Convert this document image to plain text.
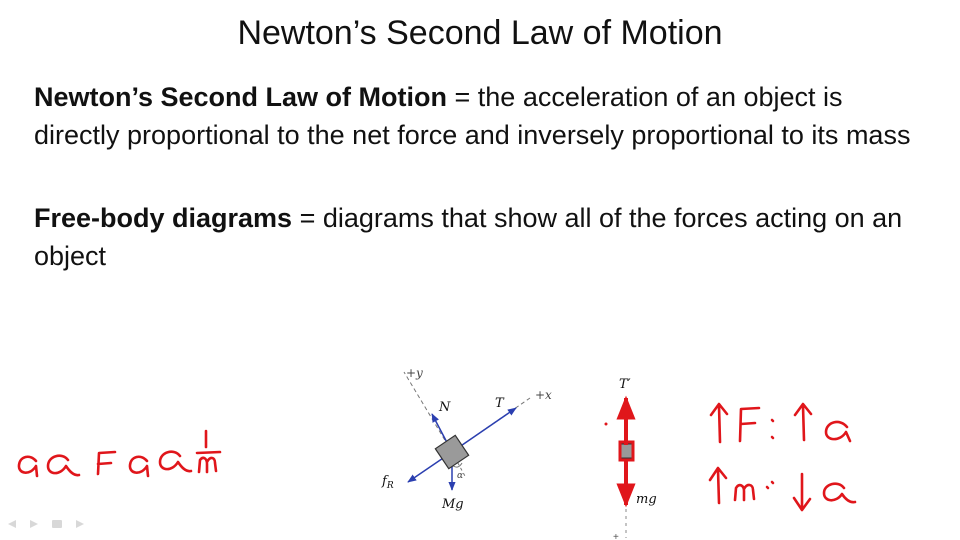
Newton’s Second Law of Motion
Newton’s Second Law of Motion = the acceleration of an object is directly proportional to the net force and inversely proportional to its mass
Free-body diagrams = diagrams that show all of the forces acting on an object
+y
+x
N	T
$f_R$
Mg
α
T′
mg
+
